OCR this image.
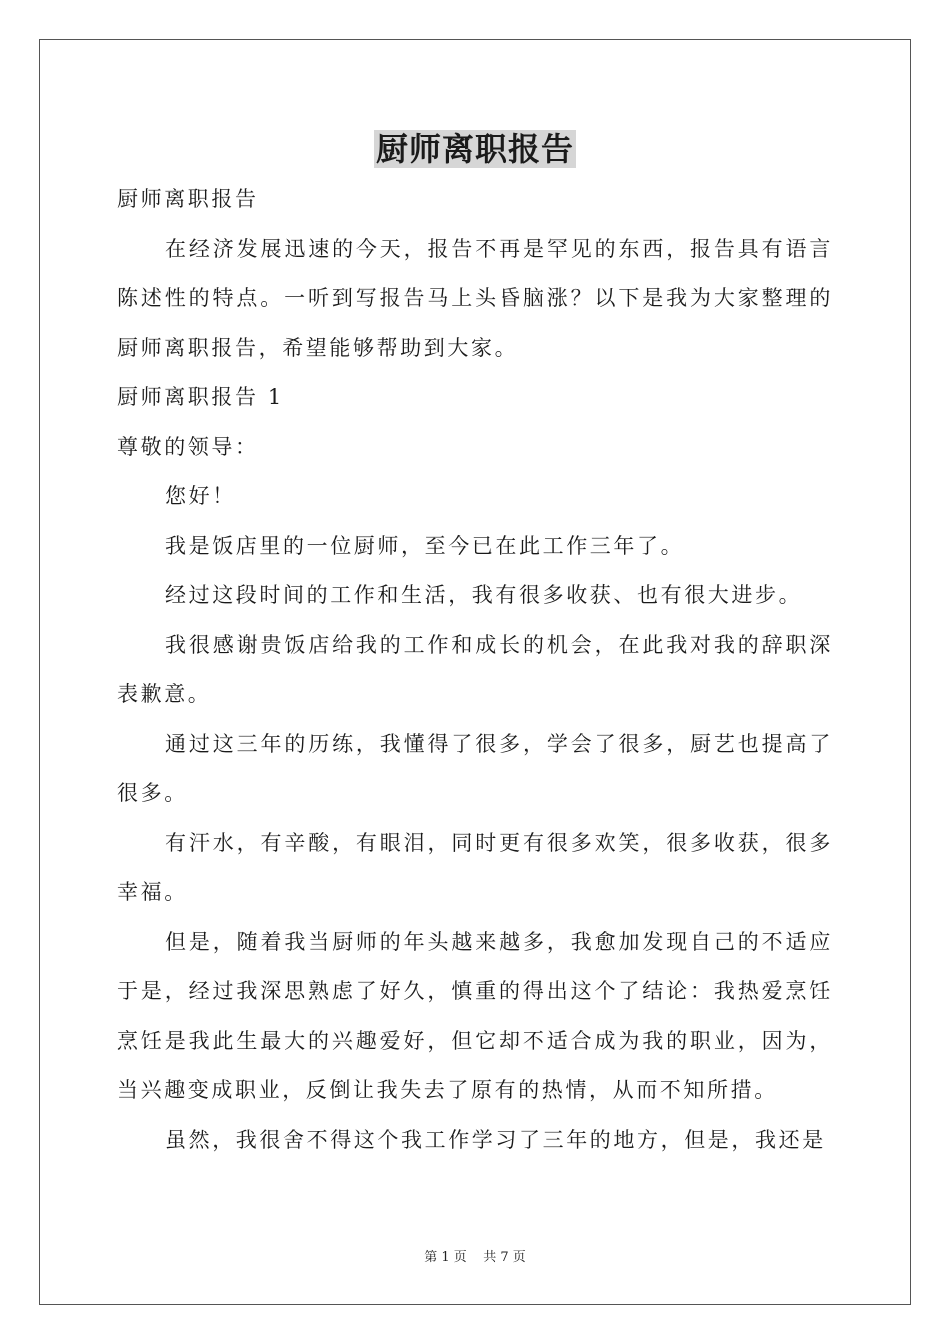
厨师离职报告

厨师离职报告

在经济发展迅速的今天，报告不再是罕见的东西，报告具有语言陈述性的特点。一听到写报告马上头昏脑涨？以下是我为大家整理的厨师离职报告，希望能够帮助到大家。

厨师离职报告 1

尊敬的领导：

您好！

我是饭店里的一位厨师，至今已在此工作三年了。

经过这段时间的工作和生活，我有很多收获、也有很大进步。

我很感谢贵饭店给我的工作和成长的机会，在此我对我的辞职深表歉意。

通过这三年的历练，我懂得了很多，学会了很多，厨艺也提高了很多。

有汗水，有辛酸，有眼泪，同时更有很多欢笑，很多收获，很多幸福。

但是，随着我当厨师的年头越来越多，我愈加发现自己的不适应于是，经过我深思熟虑了好久，慎重的得出这个了结论：我热爱烹饪烹饪是我此生最大的兴趣爱好，但它却不适合成为我的职业，因为，当兴趣变成职业，反倒让我失去了原有的热情，从而不知所措。

虽然，我很舍不得这个我工作学习了三年的地方，但是，我还是

第 1 页    共 7 页
